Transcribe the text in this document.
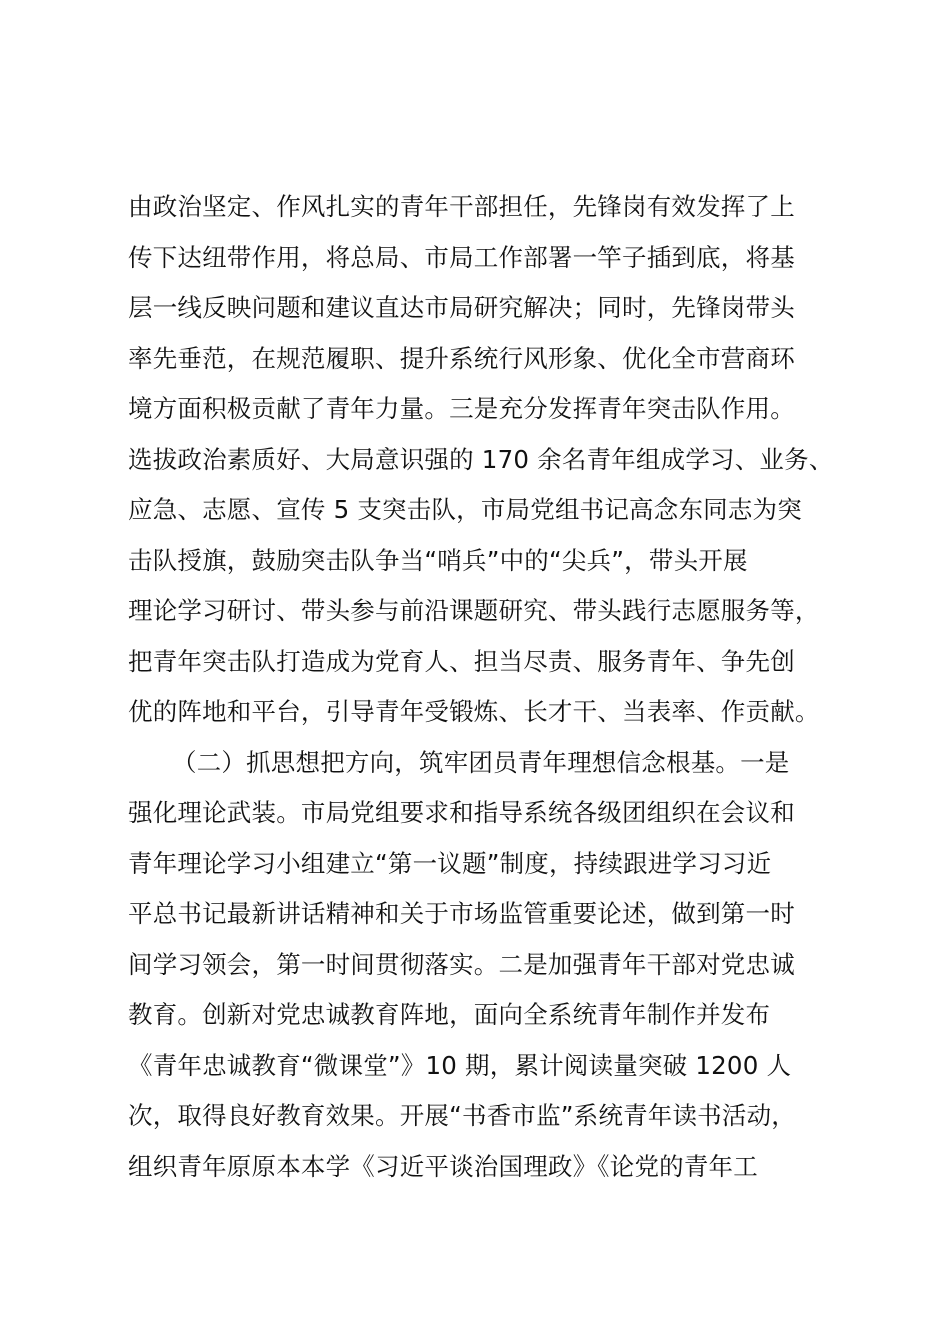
由政治坚定、作风扎实的青年干部担任，先锋岗有效发挥了上
传下达纽带作用，将总局、市局工作部署一竿子插到底，将基
层一线反映问题和建议直达市局研究解决；同时，先锋岗带头
率先垂范，在规范履职、提升系统行风形象、优化全市营商环
境方面积极贡献了青年力量。三是充分发挥青年突击队作用。
选拔政治素质好、大局意识强的 170 余名青年组成学习、业务、
应急、志愿、宣传 5 支突击队，市局党组书记高念东同志为突
击队授旗，鼓励突击队争当“哨兵”中的“尖兵”，带头开展
理论学习研讨、带头参与前沿课题研究、带头践行志愿服务等，
把青年突击队打造成为党育人、担当尽责、服务青年、争先创
优的阵地和平台，引导青年受锻炼、长才干、当表率、作贡献。
（二）抓思想把方向，筑牢团员青年理想信念根基。一是
强化理论武装。市局党组要求和指导系统各级团组织在会议和
青年理论学习小组建立“第一议题”制度，持续跟进学习习近
平总书记最新讲话精神和关于市场监管重要论述，做到第一时
间学习领会，第一时间贯彻落实。二是加强青年干部对党忠诚
教育。创新对党忠诚教育阵地，面向全系统青年制作并发布
《青年忠诚教育“微课堂”》10 期，累计阅读量突破 1200 人
次，取得良好教育效果。开展“书香市监”系统青年读书活动，
组织青年原原本本学《习近平谈治国理政》《论党的青年工
